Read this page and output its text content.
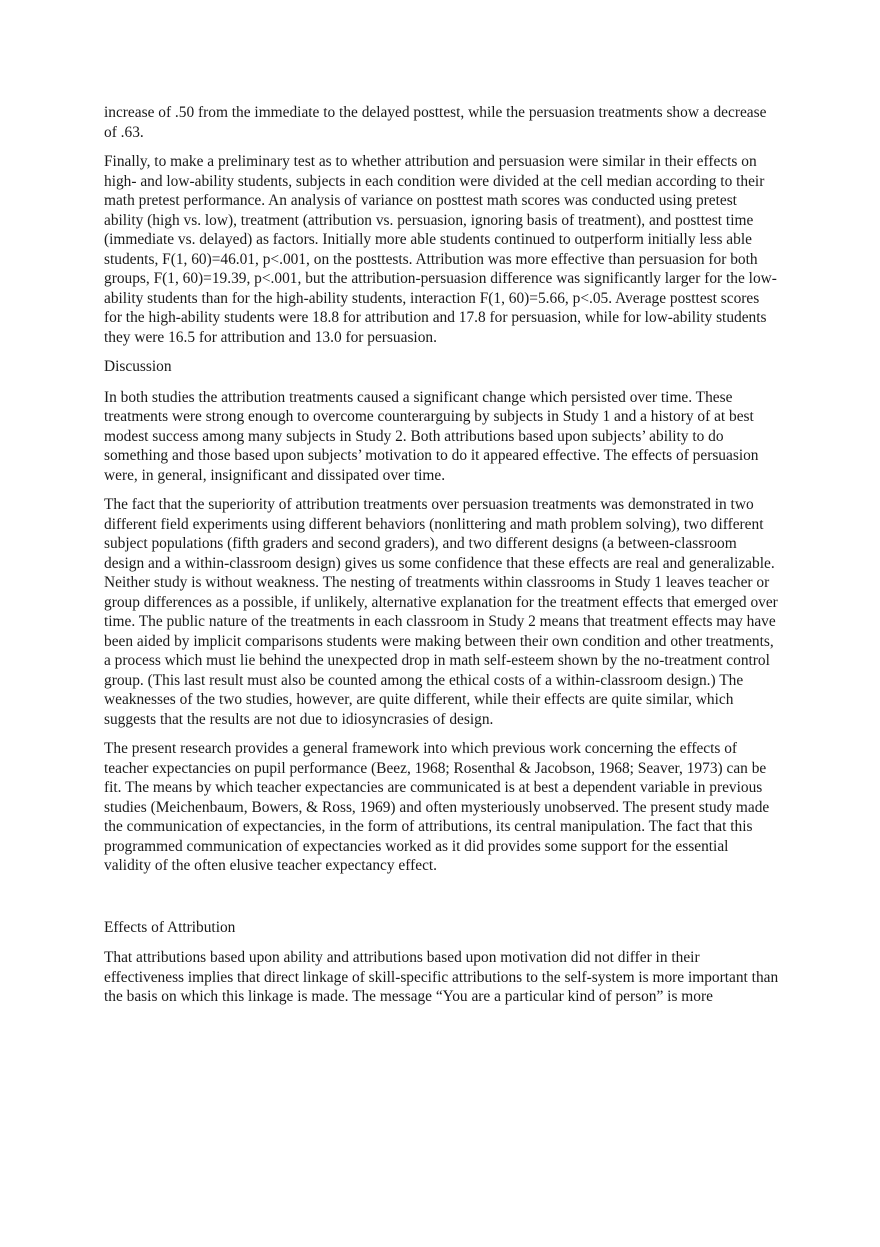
increase of .50 from the immediate to the delayed posttest, while the persuasion treatments show a decrease of .63.

Finally, to make a preliminary test as to whether attribution and persuasion were similar in their effects on high- and low-ability students, subjects in each condition were divided at the cell median according to their math pretest performance. An analysis of variance on posttest math scores was conducted using pretest ability (high vs. low), treatment (attribution vs. persuasion, ignoring basis of treatment), and posttest time (immediate vs. delayed) as factors. Initially more able students continued to outperform initially less able students, F(1, 60)=46.01, p<.001, on the posttests. Attribution was more effective than persuasion for both groups, F(1, 60)=19.39, p<.001, but the attribution-persuasion difference was significantly larger for the low-ability students than for the high-ability students, interaction F(1, 60)=5.66, p<.05. Average posttest scores for the high-ability students were 18.8 for attribution and 17.8 for persuasion, while for low-ability students they were 16.5 for attribution and 13.0 for persuasion.

Discussion

In both studies the attribution treatments caused a significant change which persisted over time. These treatments were strong enough to overcome counterarguing by subjects in Study 1 and a history of at best modest success among many subjects in Study 2. Both attributions based upon subjects’ ability to do something and those based upon subjects’ motivation to do it appeared effective. The effects of persuasion were, in general, insignificant and dissipated over time.

The fact that the superiority of attribution treatments over persuasion treatments was demonstrated in two different field experiments using different behaviors (nonlittering and math problem solving), two different subject populations (fifth graders and second graders), and two different designs (a between-classroom design and a within-classroom design) gives us some confidence that these effects are real and generalizable. Neither study is without weakness. The nesting of treatments within classrooms in Study 1 leaves teacher or group differences as a possible, if unlikely, alternative explanation for the treatment effects that emerged over time. The public nature of the treatments in each classroom in Study 2 means that treatment effects may have been aided by implicit comparisons students were making between their own condition and other treatments, a process which must lie behind the unexpected drop in math self-esteem shown by the no-treatment control group. (This last result must also be counted among the ethical costs of a within-classroom design.) The weaknesses of the two studies, however, are quite different, while their effects are quite similar, which suggests that the results are not due to idiosyncrasies of design.

The present research provides a general framework into which previous work concerning the effects of teacher expectancies on pupil performance (Beez, 1968; Rosenthal & Jacobson, 1968; Seaver, 1973) can be fit. The means by which teacher expectancies are communicated is at best a dependent variable in previous studies (Meichenbaum, Bowers, & Ross, 1969) and often mysteriously unobserved. The present study made the communication of expectancies, in the form of attributions, its central manipulation. The fact that this programmed communication of expectancies worked as it did provides some support for the essential validity of the often elusive teacher expectancy effect.

Effects of Attribution

That attributions based upon ability and attributions based upon motivation did not differ in their effectiveness implies that direct linkage of skill-specific attributions to the self-system is more important than the basis on which this linkage is made. The message “You are a particular kind of person” is more
